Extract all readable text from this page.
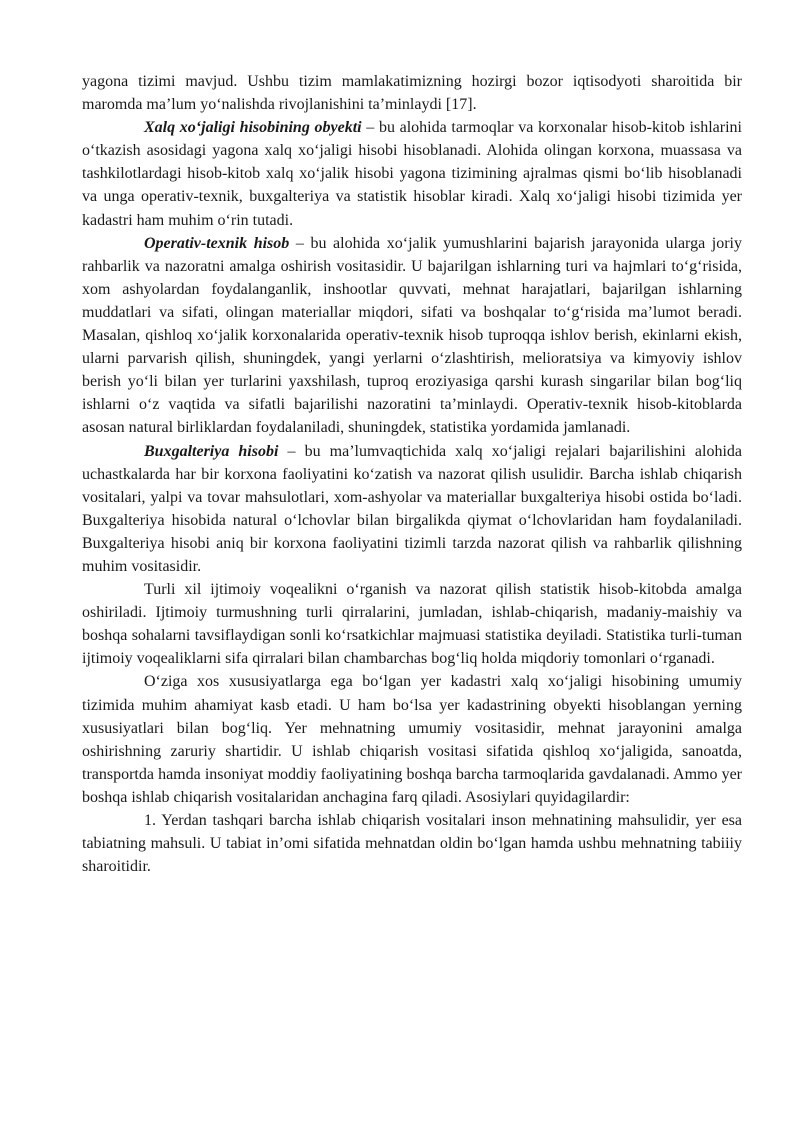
yagona tizimi mavjud. Ushbu tizim mamlakatimizning hozirgi bozor iqtisodyoti sharoitida bir maromda ma’lum yo‘nalishda rivojlanishini ta’minlaydi [17].

Xalq xo‘jaligi hisobining obyekti – bu alohida tarmoqlar va korxonalar hisob-kitob ishlarini o‘tkazish asosidagi yagona xalq xo‘jaligi hisobi hisoblanadi. Alohida olingan korxona, muassasa va tashkilotlardagi hisob-kitob xalq xo‘jalik hisobi yagona tizimining ajralmas qismi bo‘lib hisoblanadi va unga operativ-texnik, buxgalteriya va statistik hisoblar kiradi. Xalq xo‘jaligi hisobi tizimida yer kadastri ham muhim o‘rin tutadi.

Operativ-texnik hisob – bu alohida xo‘jalik yumushlarini bajarish jarayonida ularga joriy rahbarlik va nazoratni amalga oshirish vositasidir. U bajarilgan ishlarning turi va hajmlari to‘g‘risida, xom ashyolardan foydalanganlik, inshootlar quvvati, mehnat harajatlari, bajarilgan ishlarning muddatlari va sifati, olingan materiallar miqdori, sifati va boshqalar to‘g‘risida ma’lumot beradi. Masalan, qishloq xo‘jalik korxonalarida operativ-texnik hisob tuproqqa ishlov berish, ekinlarni ekish, ularni parvarish qilish, shuningdek, yangi yerlarni o‘zlashtirish, melioratsiya va kimyoviy ishlov berish yo‘li bilan yer turlarini yaxshilash, tuproq eroziyasiga qarshi kurash singarilar bilan bog‘liq ishlarni o‘z vaqtida va sifatli bajarilishi nazoratini ta’minlaydi. Operativ-texnik hisob-kitoblarda asosan natural birliklardan foydalaniladi, shuningdek, statistika yordamida jamlanadi.

Buxgalteriya hisobi – bu ma’lumvaqtichida xalq xo‘jaligi rejalari bajarilishini alohida uchastkalarda har bir korxona faoliyatini ko‘zatish va nazorat qilish usulidir. Barcha ishlab chiqarish vositalari, yalpi va tovar mahsulotlari, xom-ashyolar va materiallar buxgalteriya hisobi ostida bo‘ladi. Buxgalteriya hisobida natural o‘lchovlar bilan birgalikda qiymat o‘lchovlaridan ham foydalaniladi. Buxgalteriya hisobi aniq bir korxona faoliyatini tizimli tarzda nazorat qilish va rahbarlik qilishning muhim vositasidir.

Turli xil ijtimoiy voqealikni o‘rganish va nazorat qilish statistik hisob-kitobda amalga oshiriladi. Ijtimoiy turmushning turli qirralarini, jumladan, ishlab-chiqarish, madaniy-maishiy va boshqa sohalarni tavsiflaydigan sonli ko‘rsatkichlar majmuasi statistika deyiladi. Statistika turli-tuman ijtimoiy voqealiklarni sifa qirralari bilan chambarchas bog‘liq holda miqdoriy tomonlari o‘rganadi.

O‘ziga xos xususiyatlarga ega bo‘lgan yer kadastri xalq xo‘jaligi hisobining umumiy tizimida muhim ahamiyat kasb etadi. U ham bo‘lsa yer kadastrining obyekti hisoblangan yerning xususiyatlari bilan bog‘liq. Yer mehnatning umumiy vositasidir, mehnat jarayonini amalga oshirishning zaruriy shartidir. U ishlab chiqarish vositasi sifatida qishloq xo‘jaligida, sanoatda, transportda hamda insoniyat moddiy faoliyatining boshqa barcha tarmoqlarida gavdalanadi. Ammo yer boshqa ishlab chiqarish vositalaridan anchagina farq qiladi. Asosiylari quyidagilardir:

1. Yerdan tashqari barcha ishlab chiqarish vositalari inson mehnatining mahsulidir, yer esa tabiatning mahsuli. U tabiat in’omi sifatida mehnatdan oldin bo‘lgan hamda ushbu mehnatning tabiiiy sharoitidir.
